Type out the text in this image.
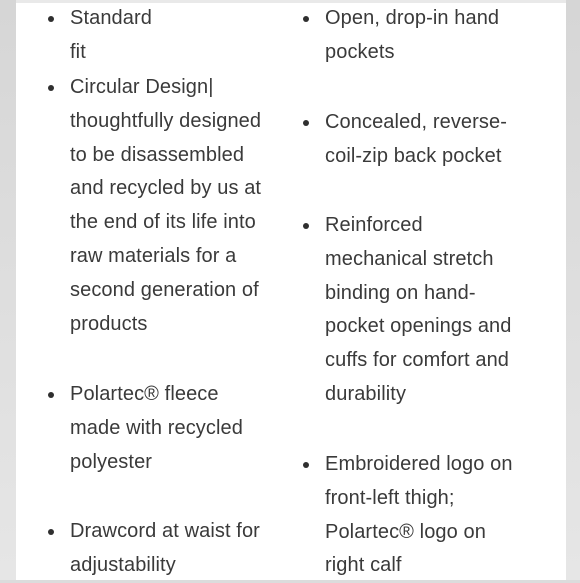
Standard fit
Circular Design|
thoughtfully designed
to be disassembled
and recycled by us at
the end of its life into
raw materials for a
second generation of
products
Polartec® fleece
made with recycled
polyester
Drawcord at waist for
adjustability
Open, drop-in hand
pockets
Concealed, reverse-
coil-zip back pocket
Reinforced
mechanical stretch
binding on hand-
pocket openings and
cuffs for comfort and
durability
Embroidered logo on
front-left thigh;
Polartec® logo on
right calf
